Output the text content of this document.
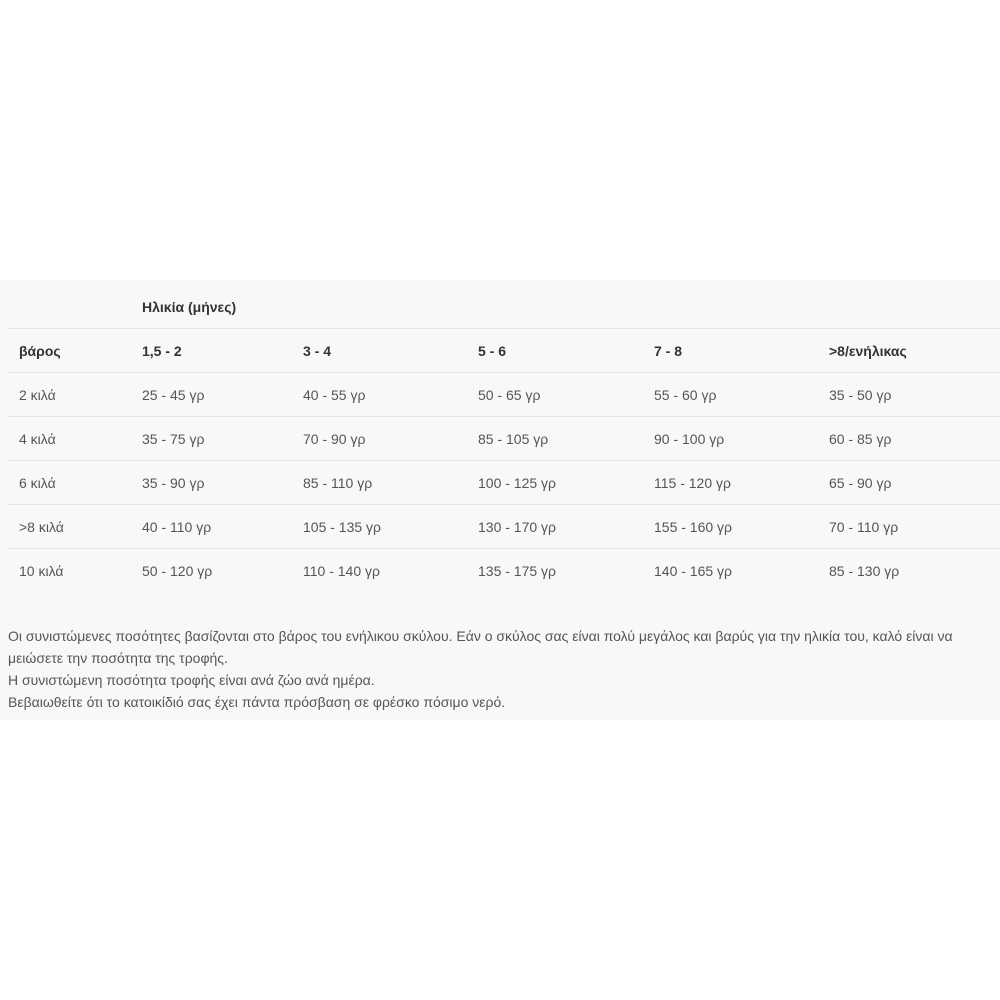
Ηλικία (μήνες)
βάρος	1,5 - 2	3 - 4	5 - 6	7 - 8	>8/ενήλικας
2 κιλά	25 - 45 γρ	40 - 55 γρ	50 - 65 γρ	55 - 60 γρ	35 - 50 γρ
4 κιλά	35 - 75 γρ	70 - 90 γρ	85 - 105 γρ	90 - 100 γρ	60 - 85 γρ
6 κιλά	35 - 90 γρ	85 - 110 γρ	100 - 125 γρ	115 - 120 γρ	65 - 90 γρ
>8 κιλά	40 - 110 γρ	105 - 135 γρ	130 - 170 γρ	155 - 160 γρ	70 - 110 γρ
10 κιλά	50 - 120 γρ	110 - 140 γρ	135 - 175 γρ	140 - 165 γρ	85 - 130 γρ

Οι συνιστώμενες ποσότητες βασίζονται στο βάρος του ενήλικου σκύλου. Εάν ο σκύλος σας είναι πολύ μεγάλος και βαρύς για την ηλικία του, καλό είναι να μειώσετε την ποσότητα της τροφής.

Η συνιστώμενη ποσότητα τροφής είναι ανά ζώο ανά ημέρα.

Βεβαιωθείτε ότι το κατοικίδιό σας έχει πάντα πρόσβαση σε φρέσκο πόσιμο νερό.
